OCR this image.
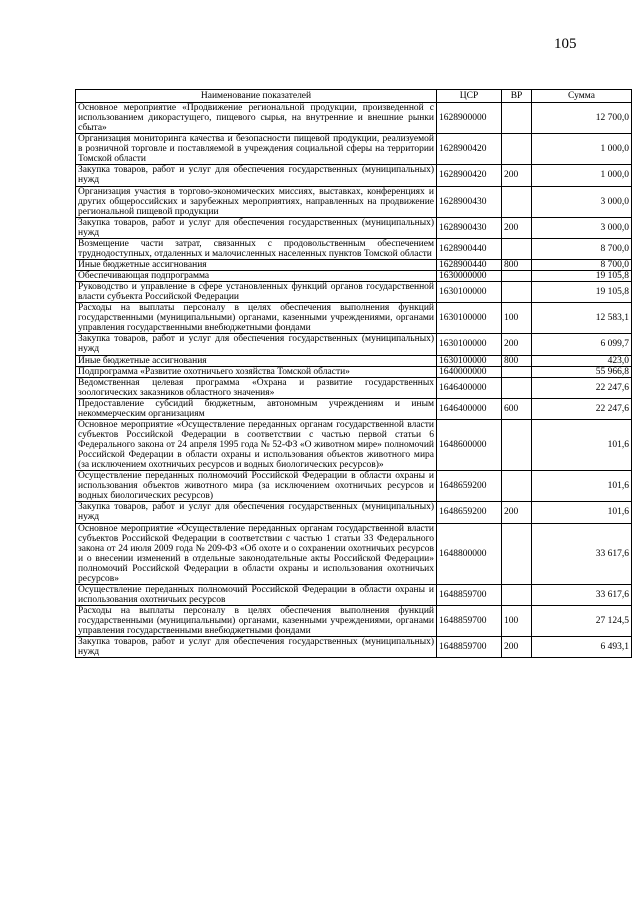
105
Наименование показателей	ЦСР	ВР	Сумма
Основное мероприятие «Продвижение региональной продукции, произведенной с использованием дикорастущего, пищевого сырья, на внутренние и внешние рынки сбыта»	1628900000		12 700,0
Организация мониторинга качества и безопасности пищевой продукции, реализуемой в розничной торговле и поставляемой в учреждения социальной сферы на территории Томской области	1628900420		1 000,0
Закупка товаров, работ и услуг для обеспечения государственных (муниципальных) нужд	1628900420	200	1 000,0
Организация участия в торгово-экономических миссиях, выставках, конференциях и других общероссийских и зарубежных мероприятиях, направленных на продвижение региональной пищевой продукции	1628900430		3 000,0
Закупка товаров, работ и услуг для обеспечения государственных (муниципальных) нужд	1628900430	200	3 000,0
Возмещение части затрат, связанных с продовольственным обеспечением труднодоступных, отдаленных и малочисленных населенных пунктов Томской области	1628900440		8 700,0
Иные бюджетные ассигнования	1628900440	800	8 700,0
Обеспечивающая подпрограмма	1630000000		19 105,8
Руководство и управление в сфере установленных функций органов государственной власти субъекта Российской Федерации	1630100000		19 105,8
Расходы на выплаты персоналу в целях обеспечения выполнения функций государственными (муниципальными) органами, казенными учреждениями, органами управления государственными внебюджетными фондами	1630100000	100	12 583,1
Закупка товаров, работ и услуг для обеспечения государственных (муниципальных) нужд	1630100000	200	6 099,7
Иные бюджетные ассигнования	1630100000	800	423,0
Подпрограмма «Развитие охотничьего хозяйства Томской области»	1640000000		55 966,8
Ведомственная целевая программа «Охрана и развитие государственных зоологических заказников областного значения»	1646400000		22 247,6
Предоставление субсидий бюджетным, автономным учреждениям и иным некоммерческим организациям	1646400000	600	22 247,6
Основное мероприятие «Осуществление переданных органам государственной власти субъектов Российской Федерации в соответствии с частью первой статьи 6 Федерального закона от 24 апреля 1995 года № 52-ФЗ «О животном мире» полномочий Российской Федерации в области охраны и использования объектов животного мира (за исключением охотничьих ресурсов и водных биологических ресурсов)»	1648600000		101,6
Осуществление переданных полномочий Российской Федерации в области охраны и использования объектов животного мира (за исключением охотничьих ресурсов и водных биологических ресурсов)	1648659200		101,6
Закупка товаров, работ и услуг для обеспечения государственных (муниципальных) нужд	1648659200	200	101,6
Основное мероприятие «Осуществление переданных органам государственной власти субъектов Российской Федерации в соответствии с частью 1 статьи 33 Федерального закона от 24 июля 2009 года № 209-ФЗ «Об охоте и о сохранении охотничьих ресурсов и о внесении изменений в отдельные законодательные акты Российской Федерации» полномочий Российской Федерации в области охраны и использования охотничьих ресурсов»	1648800000		33 617,6
Осуществление переданных полномочий Российской Федерации в области охраны и использования охотничьих ресурсов	1648859700		33 617,6
Расходы на выплаты персоналу в целях обеспечения выполнения функций государственными (муниципальными) органами, казенными учреждениями, органами управления государственными внебюджетными фондами	1648859700	100	27 124,5
Закупка товаров, работ и услуг для обеспечения государственных (муниципальных) нужд	1648859700	200	6 493,1
